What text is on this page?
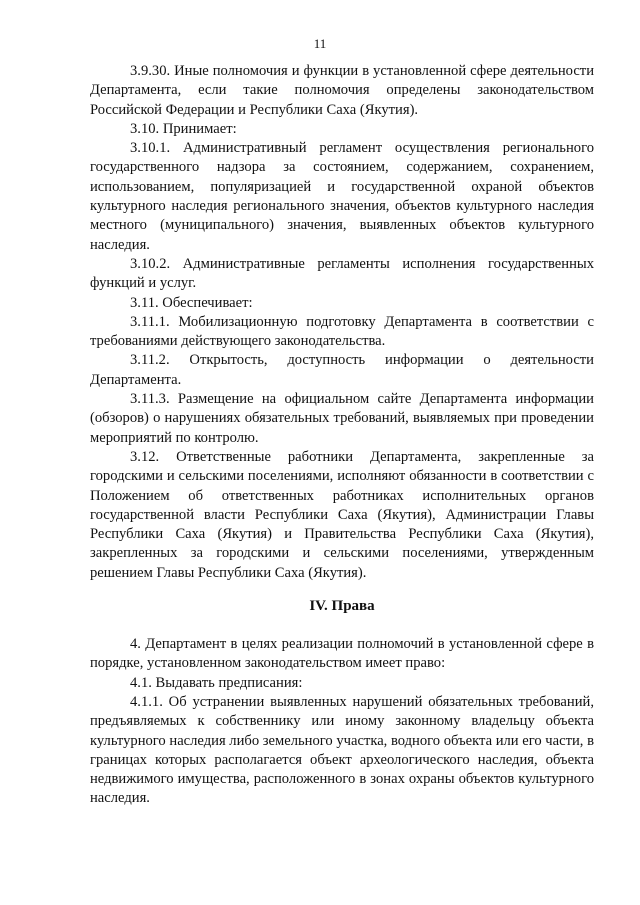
11

3.9.30. Иные полномочия и функции в установленной сфере деятельности Департамента, если такие полномочия определены законодательством Российской Федерации и Республики Саха (Якутия).

3.10. Принимает:

3.10.1. Административный регламент осуществления регионального государственного надзора за состоянием, содержанием, сохранением, использованием, популяризацией и государственной охраной объектов культурного наследия регионального значения, объектов культурного наследия местного (муниципального) значения, выявленных объектов культурного наследия.

3.10.2. Административные регламенты исполнения государственных функций и услуг.

3.11. Обеспечивает:

3.11.1. Мобилизационную подготовку Департамента в соответствии с требованиями действующего законодательства.

3.11.2. Открытость, доступность информации о деятельности Департамента.

3.11.3. Размещение на официальном сайте Департамента информации (обзоров) о нарушениях обязательных требований, выявляемых при проведении мероприятий по контролю.

3.12. Ответственные работники Департамента, закрепленные за городскими и сельскими поселениями, исполняют обязанности в соответствии с Положением об ответственных работниках исполнительных органов государственной власти Республики Саха (Якутия), Администрации Главы Республики Саха (Якутия) и Правительства Республики Саха (Якутия), закрепленных за городскими и сельскими поселениями, утвержденным решением Главы Республики Саха (Якутия).

IV. Права

4. Департамент в целях реализации полномочий в установленной сфере в порядке, установленном законодательством имеет право:

4.1. Выдавать предписания:

4.1.1. Об устранении выявленных нарушений обязательных требований, предъявляемых к собственнику или иному законному владельцу объекта культурного наследия либо земельного участка, водного объекта или его части, в границах которых располагается объект археологического наследия, объекта недвижимого имущества, расположенного в зонах охраны объектов культурного наследия.
